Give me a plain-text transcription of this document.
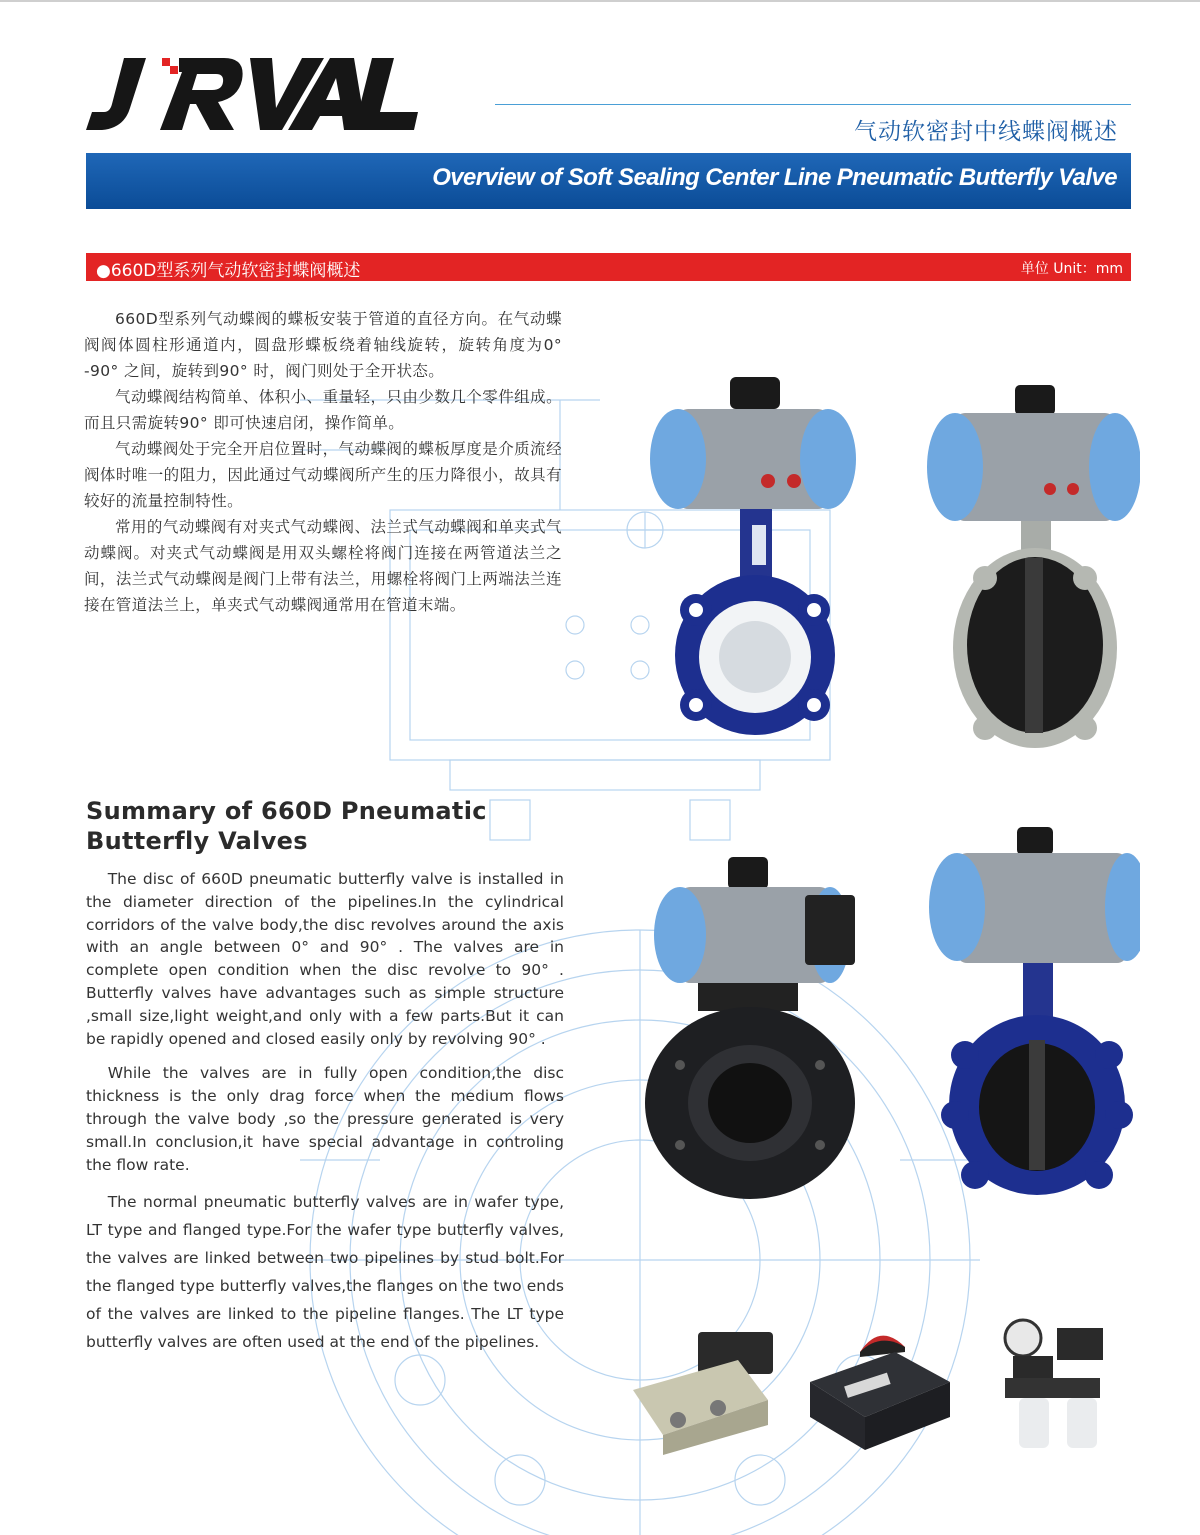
JRVAL
气动软密封中线蝶阀概述
Overview of Soft Sealing Center Line Pneumatic Butterfly Valve
●660D型系列气动软密封蝶阀概述	单位 Unit：mm

660D型系列气动蝶阀的蝶板安装于管道的直径方向。在气动蝶阀阀体圆柱形通道内，圆盘形蝶板绕着轴线旋转，旋转角度为0° -90° 之间，旋转到90° 时，阀门则处于全开状态。

气动蝶阀结构简单、体积小、重量轻，只由少数几个零件组成。而且只需旋转90° 即可快速启闭，操作简单。

气动蝶阀处于完全开启位置时，气动蝶阀的蝶板厚度是介质流经阀体时唯一的阻力，因此通过气动蝶阀所产生的压力降很小，故具有较好的流量控制特性。

常用的气动蝶阀有对夹式气动蝶阀、法兰式气动蝶阀和单夹式气动蝶阀。对夹式气动蝶阀是用双头螺栓将阀门连接在两管道法兰之间，法兰式气动蝶阀是阀门上带有法兰，用螺栓将阀门上两端法兰连接在管道法兰上，单夹式气动蝶阀通常用在管道末端。

Summary of 660D Pneumatic Butterfly Valves

The disc of 660D pneumatic butterfly valve is installed in the diameter direction of the pipelines.In the cylindrical corridors of the valve body,the disc revolves around the axis with an angle between 0° and 90° . The valves are in complete open condition when the disc revolve to 90° . Butterfly valves have advantages such as simple structure ,small size,light weight,and only with a few parts.But it can be rapidly opened and closed easily only by revolving 90° .

While the valves are in fully open condition,the disc thickness is the only drag force when the medium flows through the valve body ,so the pressure generated is very small.In conclusion,it have special advantage in controling the flow rate.

The normal pneumatic butterfly valves are in wafer type, LT type and flanged type.For the wafer type butterfly valves, the valves are linked between two pipelines by stud bolt.For the flanged type butterfly valves,the flanges on the two ends of the valves are linked to the pipeline flanges. The LT type butterfly valves are often used at the end of the pipelines.
